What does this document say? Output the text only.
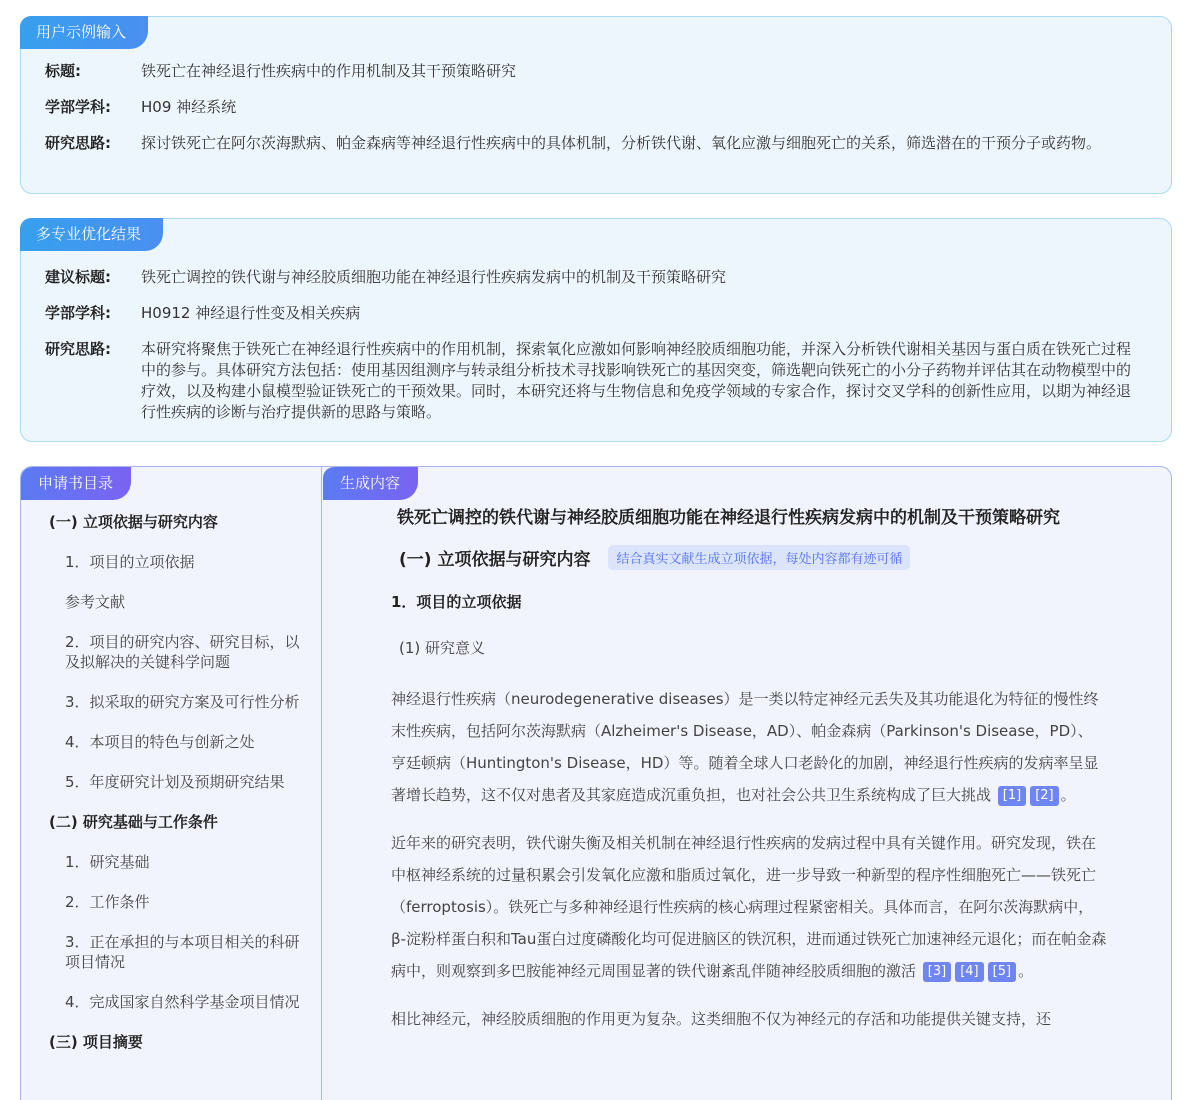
用户示例输入
标题:	铁死亡在神经退行性疾病中的作用机制及其干预策略研究
学部学科:	H09 神经系统
研究思路:	探讨铁死亡在阿尔茨海默病、帕金森病等神经退行性疾病中的具体机制，分析铁代谢、氧化应激与细胞死亡的关系，筛选潜在的干预分子或药物。
多专业优化结果
建议标题:	铁死亡调控的铁代谢与神经胶质细胞功能在神经退行性疾病发病中的机制及干预策略研究
学部学科:	H0912 神经退行性变及相关疾病
研究思路:	本研究将聚焦于铁死亡在神经退行性疾病中的作用机制，探索氧化应激如何影响神经胶质细胞功能，并深入分析铁代谢相关基因与蛋白质在铁死亡过程中的参与。具体研究方法包括：使用基因组测序与转录组分析技术寻找影响铁死亡的基因突变，筛选靶向铁死亡的小分子药物并评估其在动物模型中的疗效，以及构建小鼠模型验证铁死亡的干预效果。同时，本研究还将与生物信息和免疫学领域的专家合作，探讨交叉学科的创新性应用，以期为神经退行性疾病的诊断与治疗提供新的思路与策略。
申请书目录
(一) 立项依据与研究内容
1．项目的立项依据
参考文献
2．项目的研究内容、研究目标，以及拟解决的关键科学问题
3．拟采取的研究方案及可行性分析
4．本项目的特色与创新之处
5．年度研究计划及预期研究结果
(二) 研究基础与工作条件
1．研究基础
2．工作条件
3．正在承担的与本项目相关的科研项目情况
4．完成国家自然科学基金项目情况
(三) 项目摘要
生成内容
铁死亡调控的铁代谢与神经胶质细胞功能在神经退行性疾病发病中的机制及干预策略研究
(一) 立项依据与研究内容	结合真实文献生成立项依据，每处内容都有迹可循
1．项目的立项依据
(1) 研究意义
神经退行性疾病（neurodegenerative diseases）是一类以特定神经元丢失及其功能退化为特征的慢性终末性疾病，包括阿尔茨海默病（Alzheimer's Disease，AD）、帕金森病（Parkinson's Disease，PD）、亨廷顿病（Huntington's Disease，HD）等。随着全球人口老龄化的加剧，神经退行性疾病的发病率呈显著增长趋势，这不仅对患者及其家庭造成沉重负担，也对社会公共卫生系统构成了巨大挑战 [1] [2] 。
近年来的研究表明，铁代谢失衡及相关机制在神经退行性疾病的发病过程中具有关键作用。研究发现，铁在中枢神经系统的过量积累会引发氧化应激和脂质过氧化，进一步导致一种新型的程序性细胞死亡——铁死亡（ferroptosis）。铁死亡与多种神经退行性疾病的核心病理过程紧密相关。具体而言，在阿尔茨海默病中，β-淀粉样蛋白积和Tau蛋白过度磷酸化均可促进脑区的铁沉积，进而通过铁死亡加速神经元退化；而在帕金森病中，则观察到多巴胺能神经元周围显著的铁代谢紊乱伴随神经胶质细胞的激活 [3] [4] [5] 。
相比神经元，神经胶质细胞的作用更为复杂。这类细胞不仅为神经元的存活和功能提供关键支持，还
